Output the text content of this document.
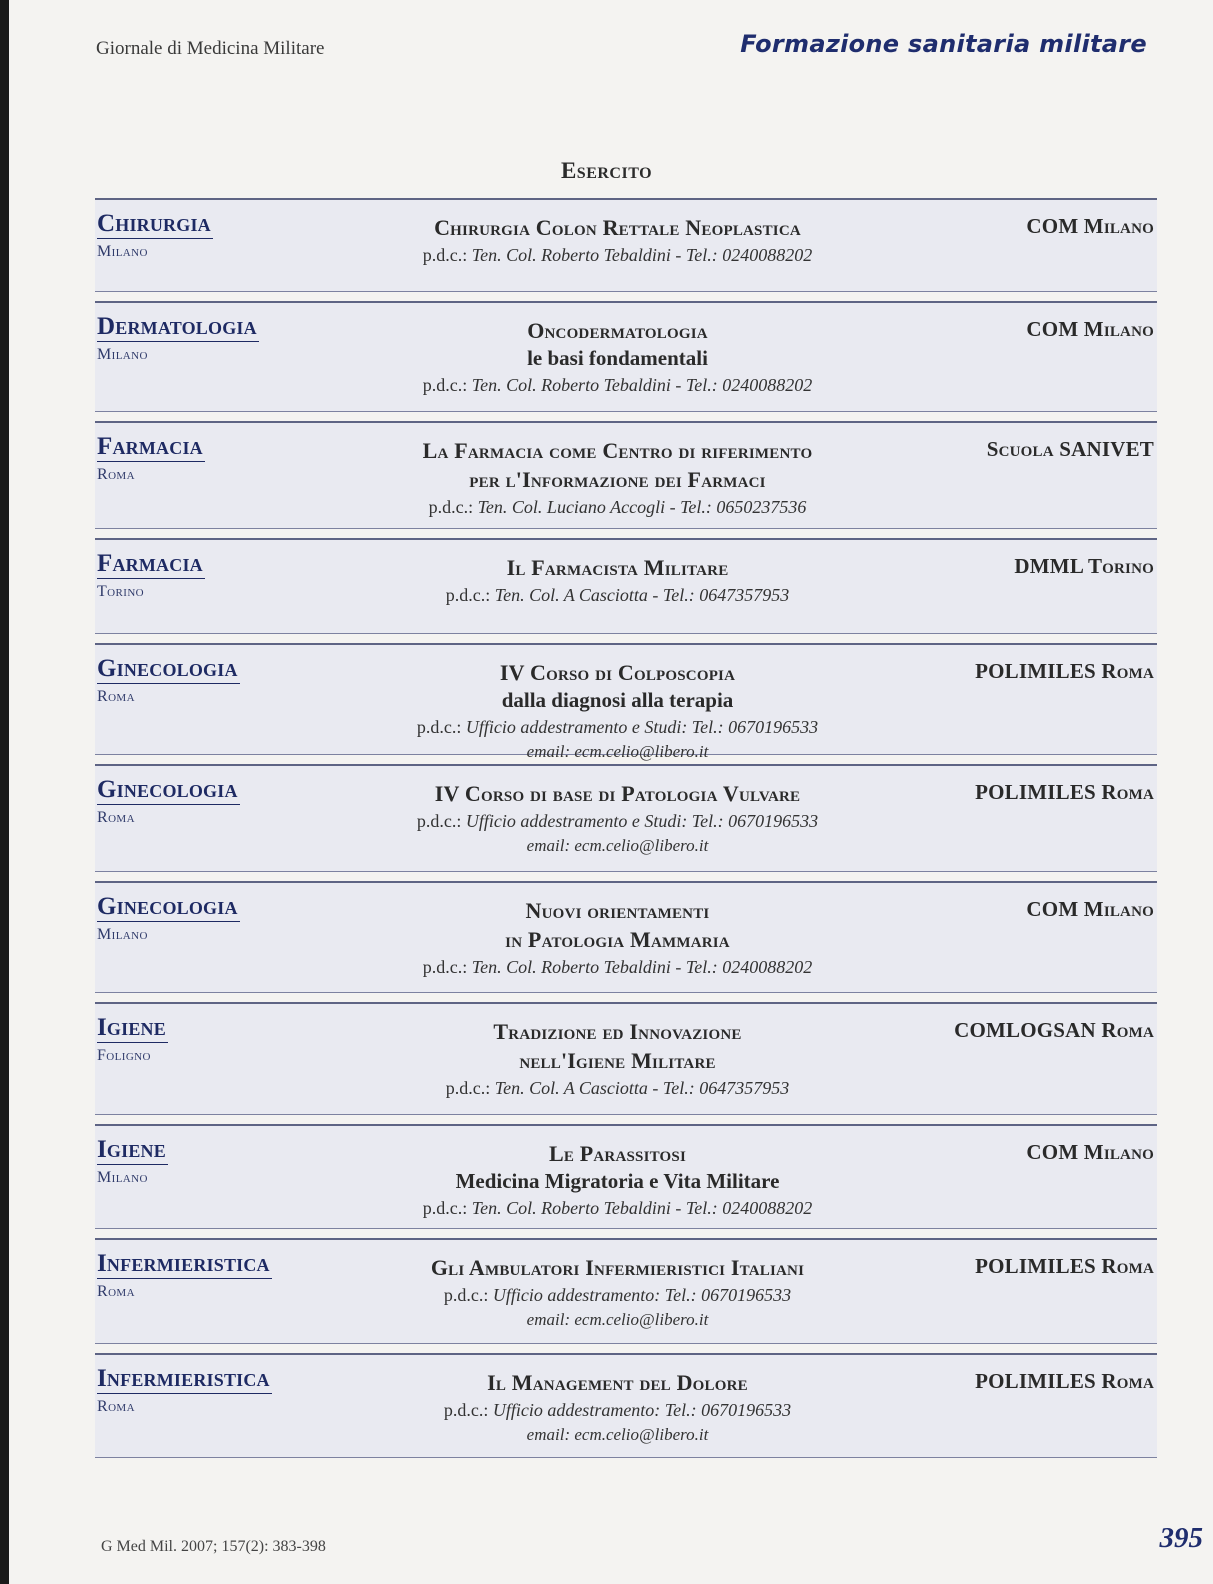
Giornale di Medicina Militare	Formazione sanitaria militare
Esercito
Chirurgia
Milano
Chirurgia Colon Rettale Neoplastica
p.d.c.: Ten. Col. Roberto Tebaldini - Tel.: 0240088202
COM Milano
Dermatologia
Milano
Oncodermatologia
le basi fondamentali
p.d.c.: Ten. Col. Roberto Tebaldini - Tel.: 0240088202
COM Milano
Farmacia
Roma
La Farmacia come Centro di riferimento
per l'Informazione dei Farmaci
p.d.c.: Ten. Col. Luciano Accogli - Tel.: 0650237536
Scuola SANIVET
Farmacia
Torino
Il Farmacista Militare
p.d.c.: Ten. Col. A Casciotta - Tel.: 0647357953
DMML Torino
Ginecologia
Roma
IV Corso di Colposcopia
dalla diagnosi alla terapia
p.d.c.: Ufficio addestramento e Studi: Tel.: 0670196533
email: ecm.celio@libero.it
POLIMILES Roma
Ginecologia
Roma
IV Corso di base di Patologia Vulvare
p.d.c.: Ufficio addestramento e Studi: Tel.: 0670196533
email: ecm.celio@libero.it
POLIMILES Roma
Ginecologia
Milano
Nuovi orientamenti
in Patologia Mammaria
p.d.c.: Ten. Col. Roberto Tebaldini - Tel.: 0240088202
COM Milano
Igiene
Foligno
Tradizione ed Innovazione
nell'Igiene Militare
p.d.c.: Ten. Col. A Casciotta - Tel.: 0647357953
COMLOGSAN Roma
Igiene
Milano
Le Parassitosi
Medicina Migratoria e Vita Militare
p.d.c.: Ten. Col. Roberto Tebaldini - Tel.: 0240088202
COM Milano
Infermieristica
Roma
Gli Ambulatori Infermieristici Italiani
p.d.c.: Ufficio addestramento: Tel.: 0670196533
email: ecm.celio@libero.it
POLIMILES Roma
Infermieristica
Roma
Il Management del Dolore
p.d.c.: Ufficio addestramento: Tel.: 0670196533
email: ecm.celio@libero.it
POLIMILES Roma
G Med Mil. 2007; 157(2): 383-398	395
